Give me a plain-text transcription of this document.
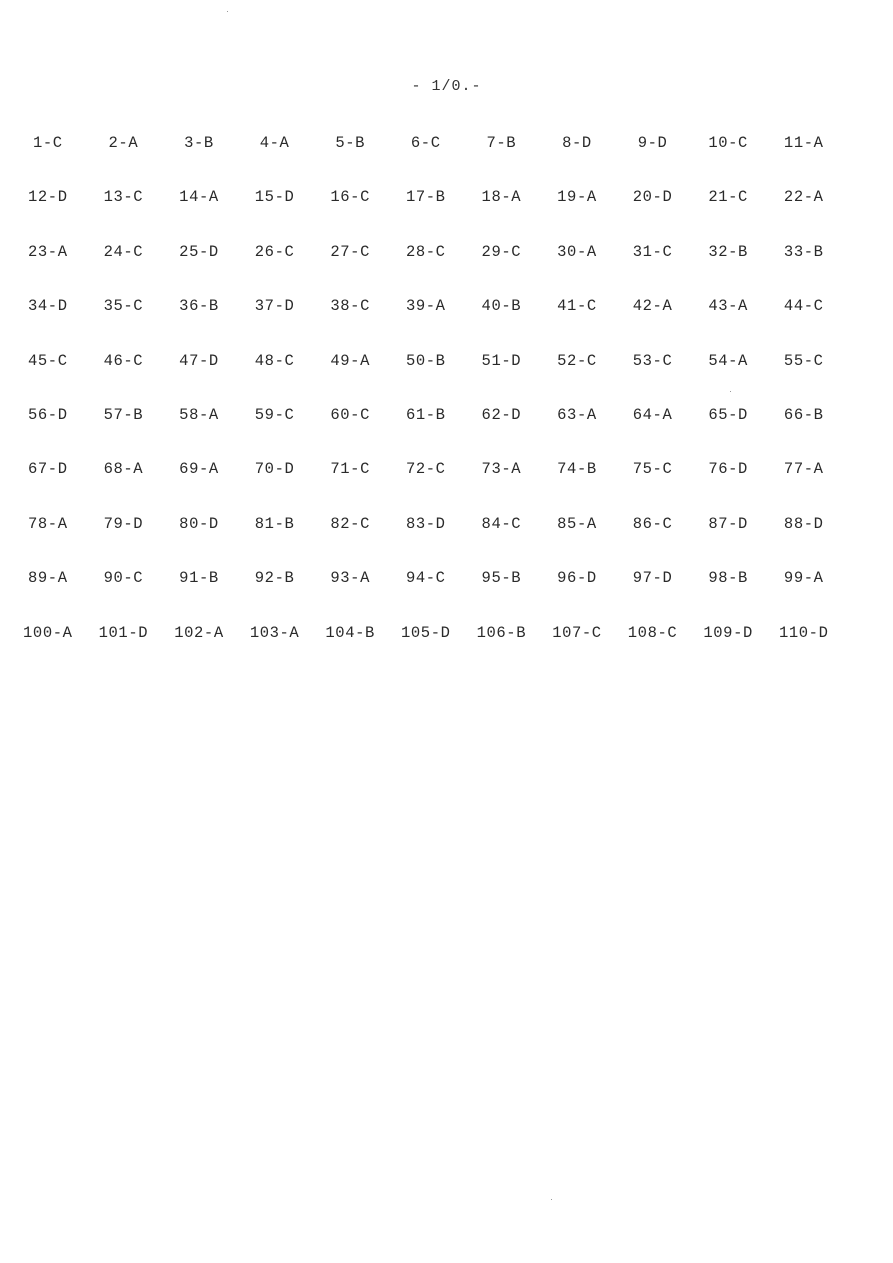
- 1/0.-
1-C	2-A	3-B	4-A	5-B	6-C	7-B	8-D	9-D	10-C	11-A
12-D	13-C	14-A	15-D	16-C	17-B	18-A	19-A	20-D	21-C	22-A
23-A	24-C	25-D	26-C	27-C	28-C	29-C	30-A	31-C	32-B	33-B
34-D	35-C	36-B	37-D	38-C	39-A	40-B	41-C	42-A	43-A	44-C
45-C	46-C	47-D	48-C	49-A	50-B	51-D	52-C	53-C	54-A	55-C
56-D	57-B	58-A	59-C	60-C	61-B	62-D	63-A	64-A	65-D	66-B
67-D	68-A	69-A	70-D	71-C	72-C	73-A	74-B	75-C	76-D	77-A
78-A	79-D	80-D	81-B	82-C	83-D	84-C	85-A	86-C	87-D	88-D
89-A	90-C	91-B	92-B	93-A	94-C	95-B	96-D	97-D	98-B	99-A
100-A	101-D	102-A	103-A	104-B	105-D	106-B	107-C	108-C	109-D	110-D
